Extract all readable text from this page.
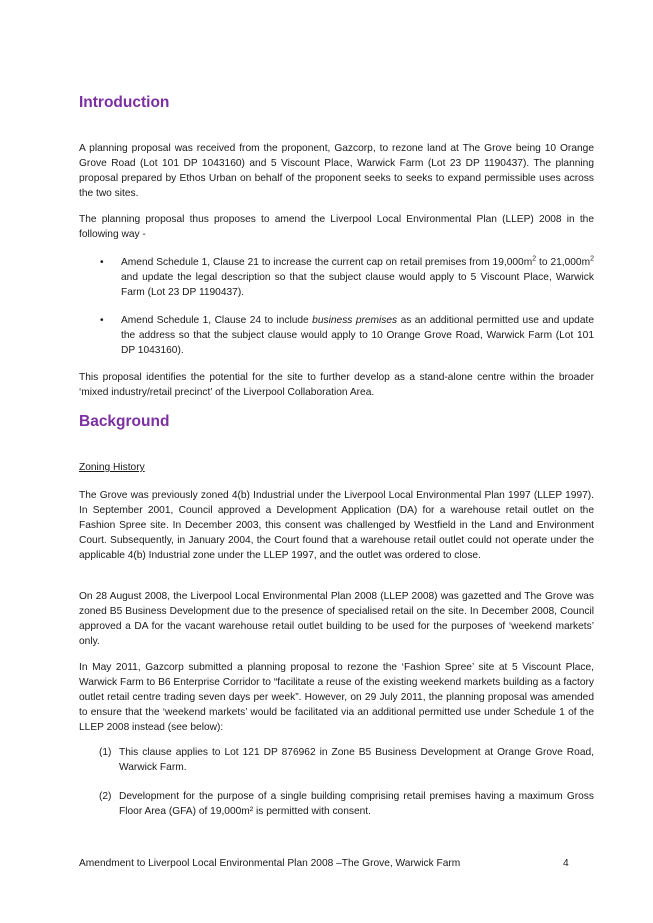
Introduction

A planning proposal was received from the proponent, Gazcorp, to rezone land at The Grove being 10 Orange Grove Road (Lot 101 DP 1043160) and 5 Viscount Place, Warwick Farm (Lot 23 DP 1190437). The planning proposal prepared by Ethos Urban on behalf of the proponent seeks to seeks to expand permissible uses across the two sites.

The planning proposal thus proposes to amend the Liverpool Local Environmental Plan (LLEP) 2008 in the following way -

•	Amend Schedule 1, Clause 21 to increase the current cap on retail premises from $19,000m^2$ to $21,000m^2$ and update the legal description so that the subject clause would apply to 5 Viscount Place, Warwick Farm (Lot 23 DP 1190437).
•	Amend Schedule 1, Clause 24 to include business premises as an additional permitted use and update the address so that the subject clause would apply to 10 Orange Grove Road, Warwick Farm (Lot 101 DP 1043160).

This proposal identifies the potential for the site to further develop as a stand-alone centre within the broader ‘mixed industry/retail precinct’ of the Liverpool Collaboration Area.

Background

Zoning History

The Grove was previously zoned 4(b) Industrial under the Liverpool Local Environmental Plan 1997 (LLEP 1997). In September 2001, Council approved a Development Application (DA) for a warehouse retail outlet on the Fashion Spree site. In December 2003, this consent was challenged by Westfield in the Land and Environment Court. Subsequently, in January 2004, the Court found that a warehouse retail outlet could not operate under the applicable 4(b) Industrial zone under the LLEP 1997, and the outlet was ordered to close.

On 28 August 2008, the Liverpool Local Environmental Plan 2008 (LLEP 2008) was gazetted and The Grove was zoned B5 Business Development due to the presence of specialised retail on the site. In December 2008, Council approved a DA for the vacant warehouse retail outlet building to be used for the purposes of ‘weekend markets’ only.

In May 2011, Gazcorp submitted a planning proposal to rezone the ‘Fashion Spree’ site at 5 Viscount Place, Warwick Farm to B6 Enterprise Corridor to “facilitate a reuse of the existing weekend markets building as a factory outlet retail centre trading seven days per week”. However, on 29 July 2011, the planning proposal was amended to ensure that the ‘weekend markets’ would be facilitated via an additional permitted use under Schedule 1 of the LLEP 2008 instead (see below):

(1) This clause applies to Lot 121 DP 876962 in Zone B5 Business Development at Orange Grove Road, Warwick Farm.
(2) Development for the purpose of a single building comprising retail premises having a maximum Gross Floor Area (GFA) of 19,000m² is permitted with consent.

Amendment to Liverpool Local Environmental Plan 2008 –The Grove, Warwick Farm	4
